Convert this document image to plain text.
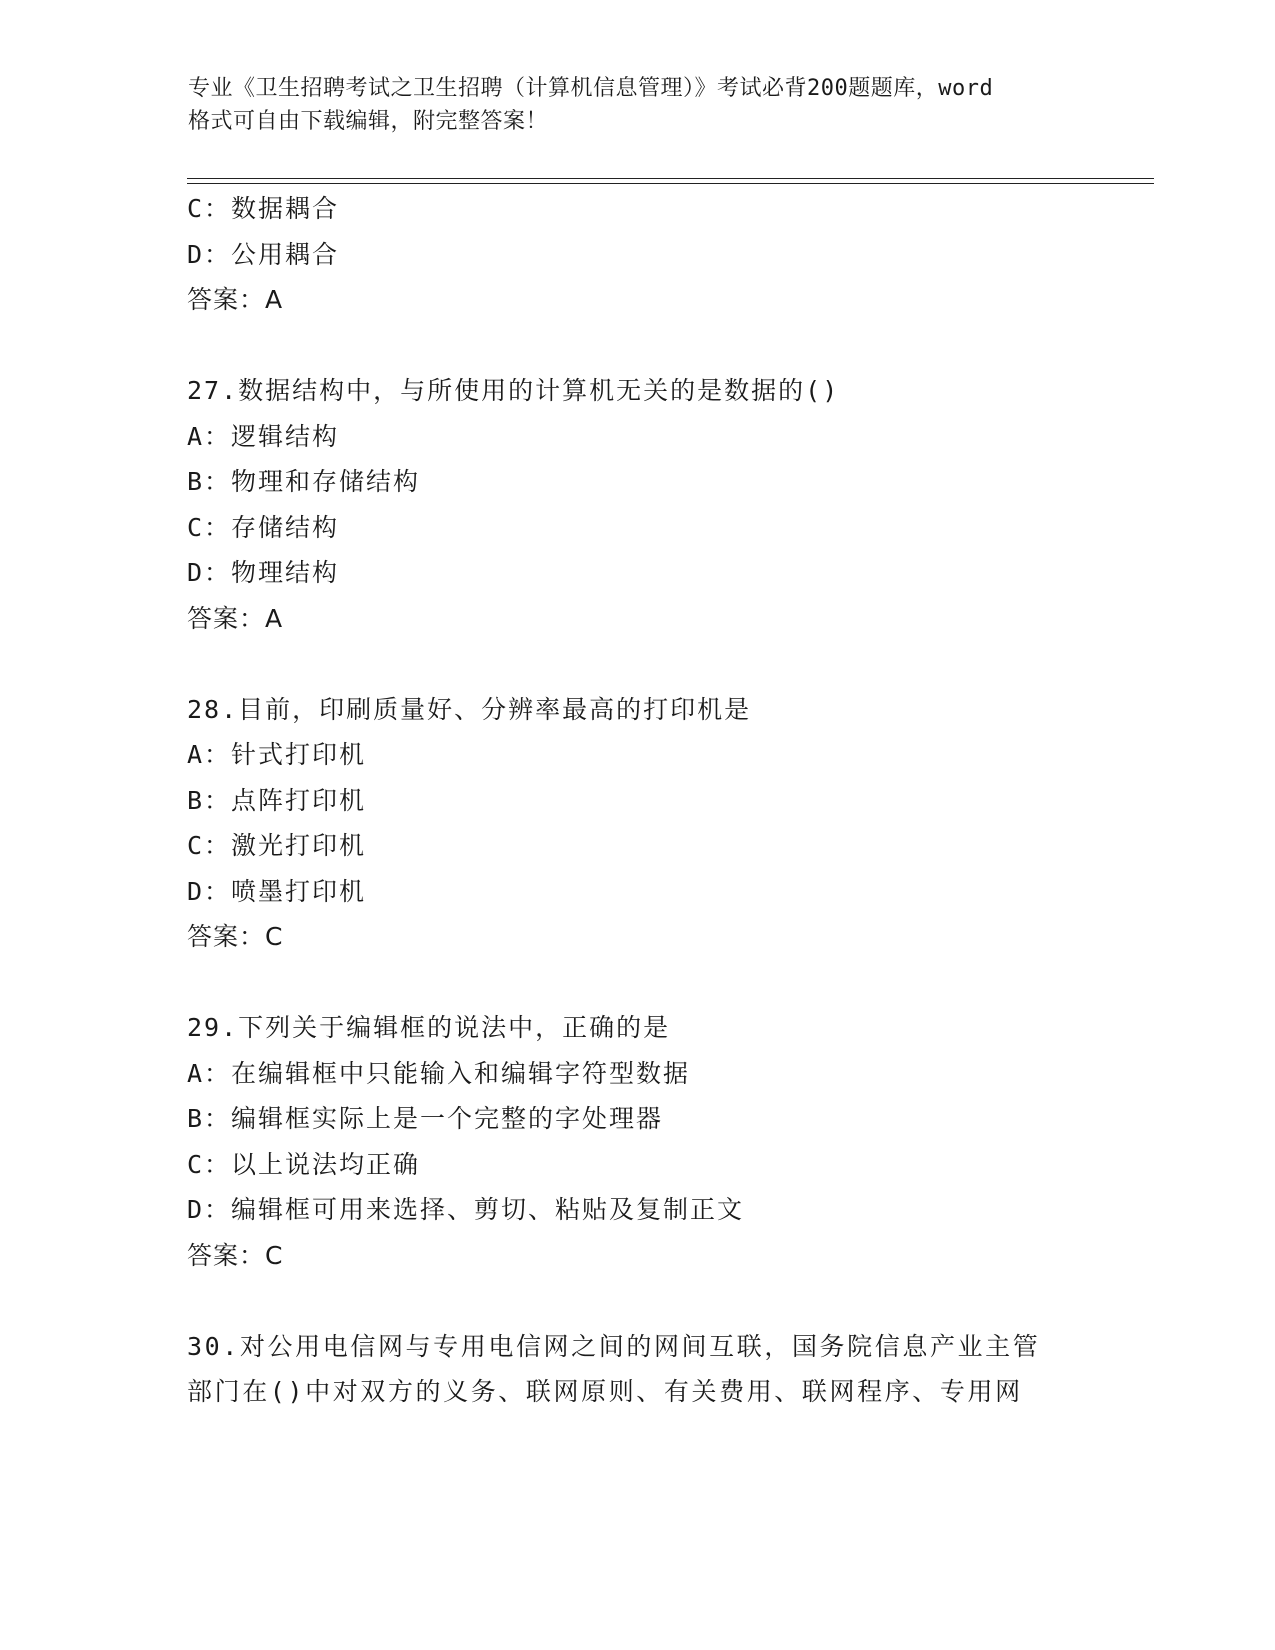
专业《卫生招聘考试之卫生招聘（计算机信息管理）》考试必背200题题库，word
格式可自由下载编辑，附完整答案！
C：数据耦合
D：公用耦合
答案：A
27.数据结构中，与所使用的计算机无关的是数据的()
A：逻辑结构
B：物理和存储结构
C：存储结构
D：物理结构
答案：A
28.目前，印刷质量好、分辨率最高的打印机是
A：针式打印机
B：点阵打印机
C：激光打印机
D：喷墨打印机
答案：C
29.下列关于编辑框的说法中，正确的是
A：在编辑框中只能输入和编辑字符型数据
B：编辑框实际上是一个完整的字处理器
C：以上说法均正确
D：编辑框可用来选择、剪切、粘贴及复制正文
答案：C
30.对公用电信网与专用电信网之间的网间互联，国务院信息产业主管
部门在()中对双方的义务、联网原则、有关费用、联网程序、专用网
